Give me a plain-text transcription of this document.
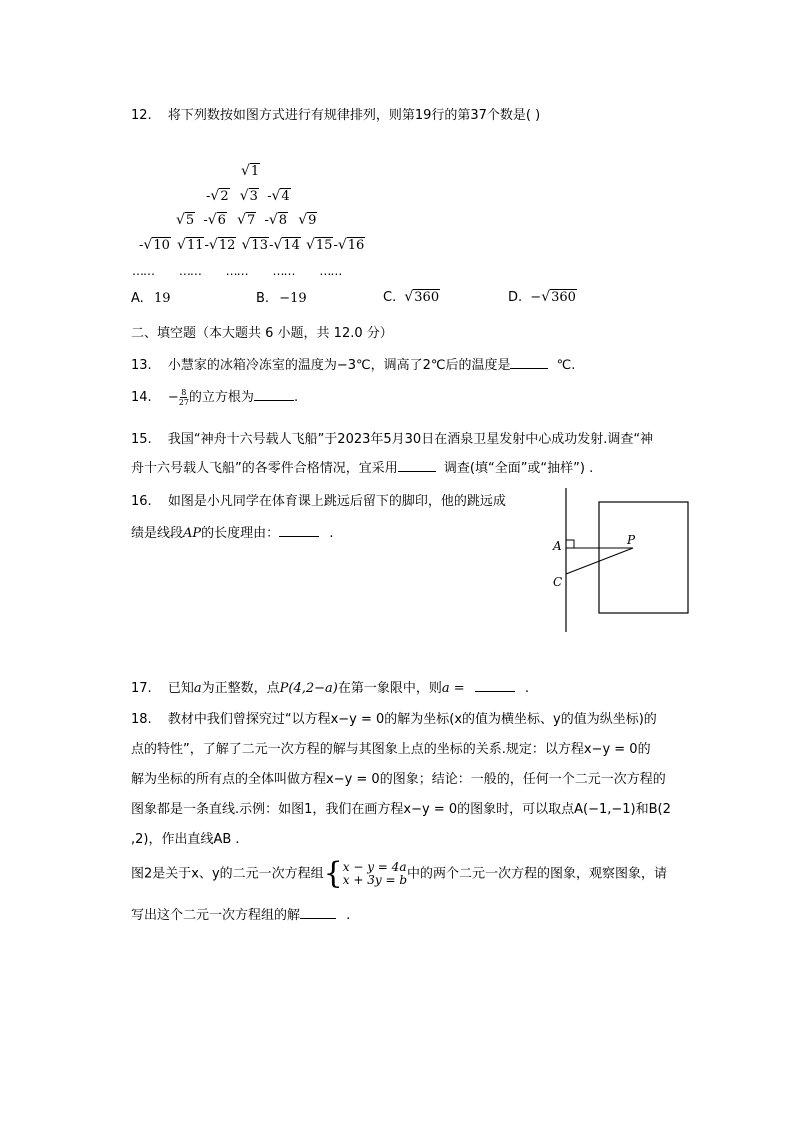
12. 将下列数按如图方式进行有规律排列，则第19行的第37个数是( )
√1
-√2 √3 -√4
√5 -√6 √7 -√8 √9
-√10 √11-√12 √13-√14 √15-√16
…… …… …… …… ……
A. 19	B. −19	C. √360	D. −√360
二、填空题（本大题共 6 小题，共 12.0 分）
13. 小慧家的冰箱冷冻室的温度为−3℃，调高了2℃后的温度是	℃.
14. − $\frac{8}{27}$ 的立方根为	.
15. 我国“神舟十六号载人飞船”于2023年5月30日在酒泉卫星发射中心成功发射.调查“神
舟十六号载人飞船”的各零件合格情况，宜采用	调查(填“全面”或“抽样”) .
16. 如图是小凡同学在体育课上跳远后留下的脚印，他的跳远成
绩是线段AP的长度理由：	.
A	P
C
17. 已知a为正整数，点P(4,2−a)在第一象限中，则a =	.
18. 教材中我们曾探究过“以方程x−y = 0的解为坐标(x的值为横坐标、y的值为纵坐标)的
点的特性”，了解了二元一次方程的解与其图象上点的坐标的关系.规定：以方程x−y = 0的
解为坐标的所有点的全体叫做方程x−y = 0的图象；结论：一般的，任何一个二元一次方程的
图象都是一条直线.示例：如图1，我们在画方程x−y = 0的图象时，可以取点A(−1,−1)和B(2
,2)，作出直线AB .
图2是关于x、y的二元一次方程组{ x − y = 4a
x + 3y = b 中的两个二元一次方程的图象，观察图象，请
写出这个二元一次方程组的解	.
